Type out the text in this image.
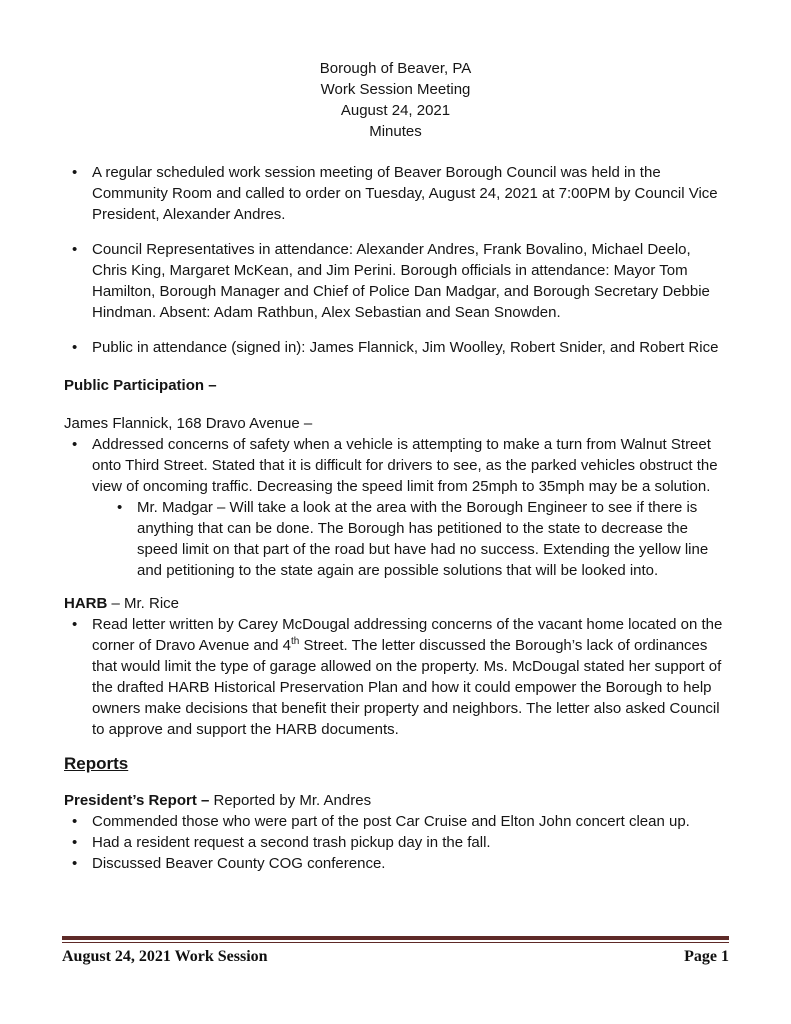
Borough of Beaver, PA
Work Session Meeting
August 24, 2021
Minutes
• A regular scheduled work session meeting of Beaver Borough Council was held in the Community Room and called to order on Tuesday, August 24, 2021 at 7:00PM by Council Vice President, Alexander Andres.
• Council Representatives in attendance: Alexander Andres, Frank Bovalino, Michael Deelo, Chris King, Margaret McKean, and Jim Perini. Borough officials in attendance: Mayor Tom Hamilton, Borough Manager and Chief of Police Dan Madgar, and Borough Secretary Debbie Hindman. Absent: Adam Rathbun, Alex Sebastian and Sean Snowden.
• Public in attendance (signed in): James Flannick, Jim Woolley, Robert Snider, and Robert Rice
Public Participation –
James Flannick, 168 Dravo Avenue –
• Addressed concerns of safety when a vehicle is attempting to make a turn from Walnut Street onto Third Street. Stated that it is difficult for drivers to see, as the parked vehicles obstruct the view of oncoming traffic. Decreasing the speed limit from 25mph to 35mph may be a solution.
• Mr. Madgar – Will take a look at the area with the Borough Engineer to see if there is anything that can be done. The Borough has petitioned to the state to decrease the speed limit on that part of the road but have had no success. Extending the yellow line and petitioning to the state again are possible solutions that will be looked into.
HARB – Mr. Rice
• Read letter written by Carey McDougal addressing concerns of the vacant home located on the corner of Dravo Avenue and 4th Street. The letter discussed the Borough’s lack of ordinances that would limit the type of garage allowed on the property. Ms. McDougal stated her support of the drafted HARB Historical Preservation Plan and how it could empower the Borough to help owners make decisions that benefit their property and neighbors. The letter also asked Council to approve and support the HARB documents.
Reports
President’s Report – Reported by Mr. Andres
• Commended those who were part of the post Car Cruise and Elton John concert clean up.
• Had a resident request a second trash pickup day in the fall.
• Discussed Beaver County COG conference.
August 24, 2021 Work Session	Page 1
